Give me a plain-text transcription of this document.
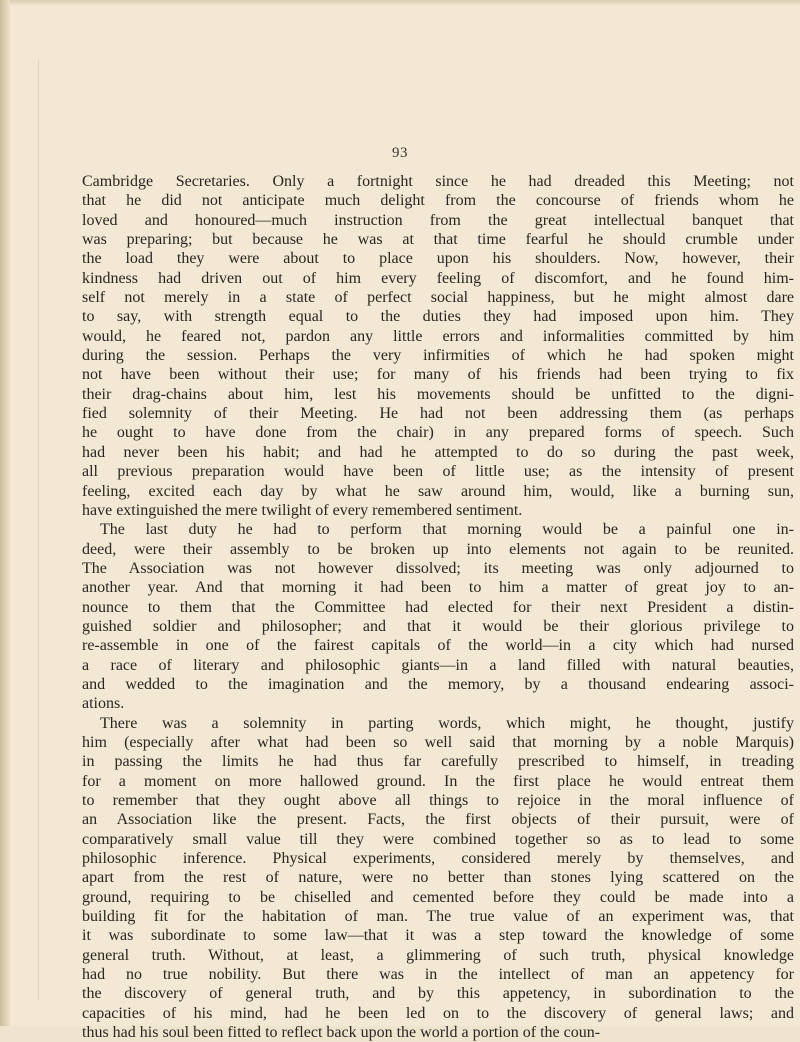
93
Cambridge Secretaries. Only a fortnight since he had dreaded this Meeting; not
that he did not anticipate much delight from the concourse of friends whom he
loved and honoured—much instruction from the great intellectual banquet that
was preparing; but because he was at that time fearful he should crumble under
the load they were about to place upon his shoulders. Now, however, their
kindness had driven out of him every feeling of discomfort, and he found him-
self not merely in a state of perfect social happiness, but he might almost dare
to say, with strength equal to the duties they had imposed upon him. They
would, he feared not, pardon any little errors and informalities committed by him
during the session. Perhaps the very infirmities of which he had spoken might
not have been without their use; for many of his friends had been trying to fix
their drag-chains about him, lest his movements should be unfitted to the digni-
fied solemnity of their Meeting. He had not been addressing them (as perhaps
he ought to have done from the chair) in any prepared forms of speech. Such
had never been his habit; and had he attempted to do so during the past week,
all previous preparation would have been of little use; as the intensity of present
feeling, excited each day by what he saw around him, would, like a burning sun,
have extinguished the mere twilight of every remembered sentiment.
The last duty he had to perform that morning would be a painful one in-
deed, were their assembly to be broken up into elements not again to be reunited.
The Association was not however dissolved; its meeting was only adjourned to
another year. And that morning it had been to him a matter of great joy to an-
nounce to them that the Committee had elected for their next President a distin-
guished soldier and philosopher; and that it would be their glorious privilege to
re-assemble in one of the fairest capitals of the world—in a city which had nursed
a race of literary and philosophic giants—in a land filled with natural beauties,
and wedded to the imagination and the memory, by a thousand endearing associ-
ations.
There was a solemnity in parting words, which might, he thought, justify
him (especially after what had been so well said that morning by a noble Marquis)
in passing the limits he had thus far carefully prescribed to himself, in treading
for a moment on more hallowed ground. In the first place he would entreat them
to remember that they ought above all things to rejoice in the moral influence of
an Association like the present. Facts, the first objects of their pursuit, were of
comparatively small value till they were combined together so as to lead to some
philosophic inference. Physical experiments, considered merely by themselves, and
apart from the rest of nature, were no better than stones lying scattered on the
ground, requiring to be chiselled and cemented before they could be made into a
building fit for the habitation of man. The true value of an experiment was, that
it was subordinate to some law—that it was a step toward the knowledge of some
general truth. Without, at least, a glimmering of such truth, physical knowledge
had no true nobility. But there was in the intellect of man an appetency for
the discovery of general truth, and by this appetency, in subordination to the
capacities of his mind, had he been led on to the discovery of general laws; and
thus had his soul been fitted to reflect back upon the world a portion of the coun-
